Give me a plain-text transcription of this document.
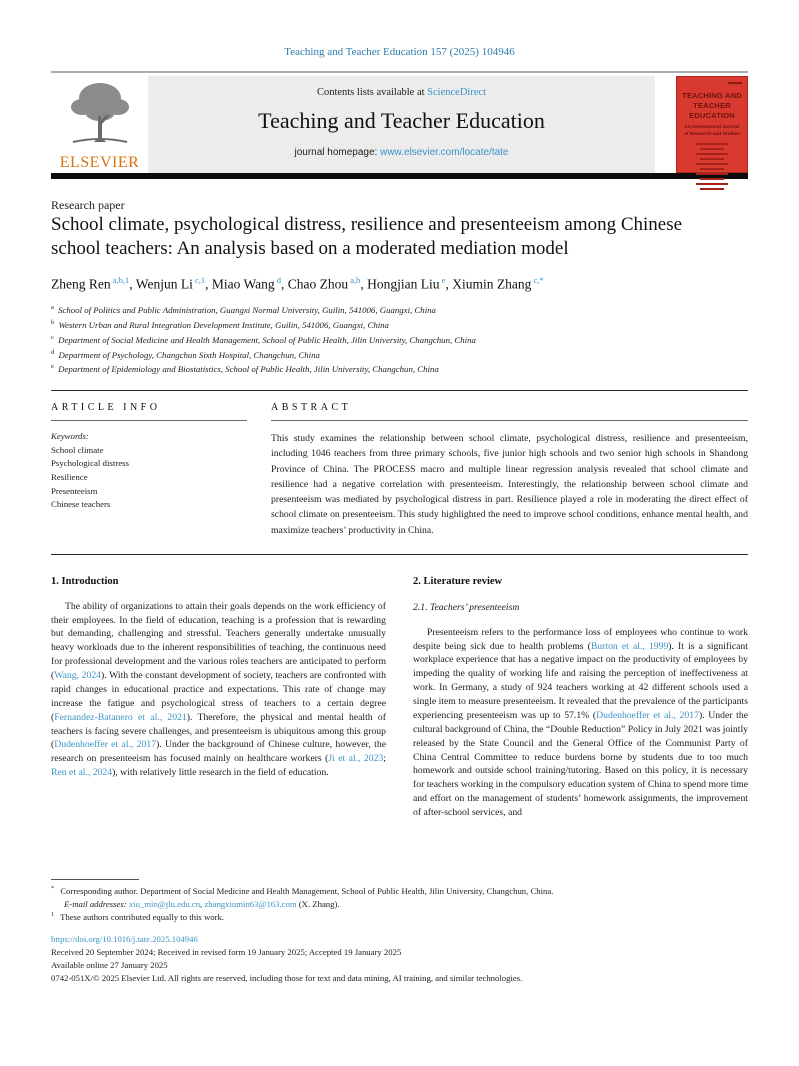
Teaching and Teacher Education 157 (2025) 104946
ELSEVIER
Contents lists available at ScienceDirect
Teaching and Teacher Education
journal homepage: www.elsevier.com/locate/tate
TEACHING AND TEACHER EDUCATION
An International Journal of Research and Studies
Research paper
School climate, psychological distress, resilience and presenteeism among Chinese school teachers: An analysis based on a moderated mediation model
Zheng Ren $^{a,b,1}$, Wenjun Li $^{c,1}$, Miao Wang $^d$, Chao Zhou $^{a,b}$, Hongjian Liu $^e$, Xiumin Zhang $^{c,*}$
$^a$ School of Politics and Public Administration, Guangxi Normal University, Guilin, 541006, Guangxi, China
$^b$ Western Urban and Rural Integration Development Institute, Guilin, 541006, Guangxi, China
$^c$ Department of Social Medicine and Health Management, School of Public Health, Jilin University, Changchun, China
$^d$ Department of Psychology, Changchun Sixth Hospital, Changchun, China
$^e$ Department of Epidemiology and Biostatistics, School of Public Health, Jilin University, Changchun, China
ARTICLE INFO
Keywords:
School climate
Psychological distress
Resilience
Presenteeism
Chinese teachers
ABSTRACT
This study examines the relationship between school climate, psychological distress, resilience and presenteeism, including 1046 teachers from three primary schools, five junior high schools and two senior high schools in Shandong Province of China. The PROCESS macro and multiple linear regression analysis revealed that school climate and resilience had a negative correlation with presenteeism. Interestingly, the relationship between school climate and presenteeism was mediated by psychological distress in part. Resilience played a role in moderating the direct effect of school climate on presenteeism. This study highlighted the need to improve school conditions, enhance mental health, and maximize teachers’ productivity in China.
1. Introduction

The ability of organizations to attain their goals depends on the work efficiency of their employees. In the field of education, teaching is a profession that is rewarding but demanding, challenging and stressful. Teachers generally undertake unusually heavy workloads due to the inherent responsibilities of teaching, the continuous need for professional development and the various roles teachers are anticipated to perform (Wang, 2024). With the constant development of society, teachers are confronted with rapid changes in educational practice and expectations. This rate of change may increase the fatigue and psychological stress of teachers to a certain degree (Fernandez-Batanero et al., 2021). Therefore, the physical and mental health of teachers is facing severe challenges, and presenteeism is ubiquitous among this group (Dudenhoeffer et al., 2017). Under the background of Chinese culture, however, the research on presenteeism has focused mainly on healthcare workers (Ji et al., 2023; Ren et al., 2024), with relatively little research in the field of education.

2. Literature review
2.1. Teachers’ presenteeism

Presenteeism refers to the performance loss of employees who continue to work despite being sick due to health problems (Burton et al., 1999). It is a significant workplace experience that has a negative impact on the productivity of employees by impeding the quality of working life and raising the perception of ineffectiveness at work. In Germany, a study of 924 teachers working at 42 different schools used a single item to measure presenteeism. It revealed that the prevalence of the participants experiencing presenteeism was up to 57.1% (Dudenhoeffer et al., 2017). Under the cultural background of China, the “Double Reduction” Policy in July 2021 was jointly released by the State Council and the General Office of the Communist Party of China Central Committee to reduce burdens borne by students due to too much homework and outside school training/tutoring. Based on this policy, it is necessary for teachers working in the compulsory education system of China to spend more time and effort on the management of students’ homework assignments, the improvement of after-school services, and

* Corresponding author. Department of Social Medicine and Health Management, School of Public Health, Jilin University, Changchun, China.
E-mail addresses: xiu_min@jlu.edu.cn, zhangxiumin63@163.com (X. Zhang).
$^1$ These authors contributed equally to this work.
https://doi.org/10.1016/j.tate.2025.104946
Received 20 September 2024; Received in revised form 19 January 2025; Accepted 19 January 2025
Available online 27 January 2025
0742-051X/© 2025 Elsevier Ltd. All rights are reserved, including those for text and data mining, AI training, and similar technologies.
